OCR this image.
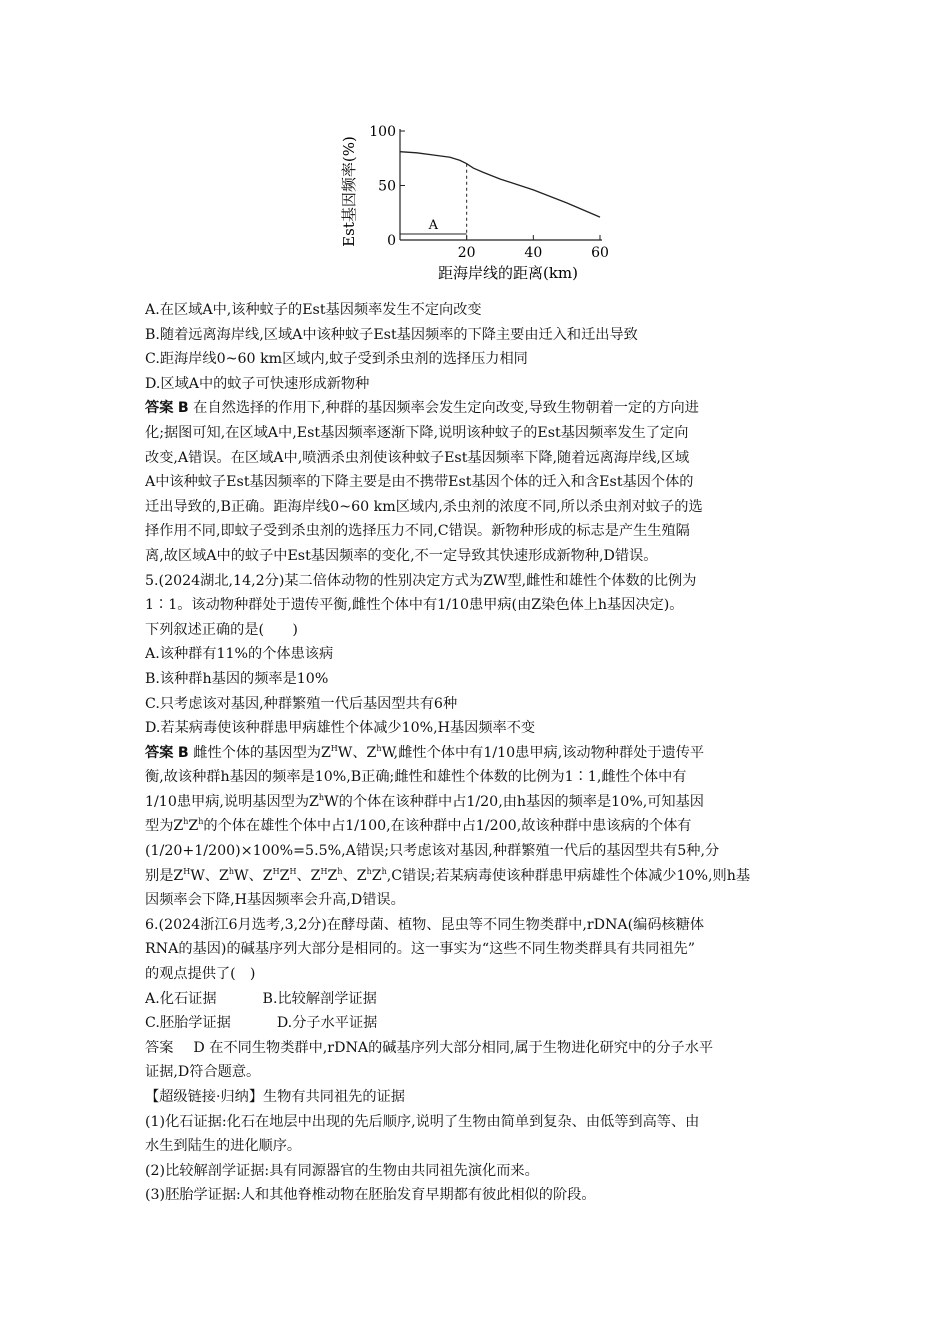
0
50
100
20	40	60
A
距海岸线的距离(km)
Est基因频率(%)
A.在区域A中,该种蚊子的Est基因频率发生不定向改变
B.随着远离海岸线,区域A中该种蚊子Est基因频率的下降主要由迁入和迁出导致
C.距海岸线0~60 km区域内,蚊子受到杀虫剂的选择压力相同
D.区域A中的蚊子可快速形成新物种
答案 B 在自然选择的作用下,种群的基因频率会发生定向改变,导致生物朝着一定的方向进
化;据图可知,在区域A中,Est基因频率逐渐下降,说明该种蚊子的Est基因频率发生了定向
改变,A错误。在区域A中,喷洒杀虫剂使该种蚊子Est基因频率下降,随着远离海岸线,区域
A中该种蚊子Est基因频率的下降主要是由不携带Est基因个体的迁入和含Est基因个体的
迁出导致的,B正确。距海岸线0~60 km区域内,杀虫剂的浓度不同,所以杀虫剂对蚊子的选
择作用不同,即蚊子受到杀虫剂的选择压力不同,C错误。新物种形成的标志是产生生殖隔
离,故区域A中的蚊子中Est基因频率的变化,不一定导致其快速形成新物种,D错误。
5.(2024湖北,14,2分)某二倍体动物的性别决定方式为ZW型,雌性和雄性个体数的比例为
1∶1。该动物种群处于遗传平衡,雌性个体中有1/10患甲病(由Z染色体上h基因决定)。
下列叙述正确的是(　　)
A.该种群有11%的个体患该病
B.该种群h基因的频率是10%
C.只考虑该对基因,种群繁殖一代后基因型共有6种
D.若某病毒使该种群患甲病雄性个体减少10%,H基因频率不变
答案 B 雌性个体的基因型为$Z^HW$、$Z^hW$,雌性个体中有1/10患甲病,该动物种群处于遗传平
衡,故该种群h基因的频率是10%,B正确;雌性和雄性个体数的比例为1∶1,雌性个体中有
1/10患甲病,说明基因型为$Z^hW$的个体在该种群中占1/20,由h基因的频率是10%,可知基因
型为$Z^hZ^h$的个体在雄性个体中占1/100,在该种群中占1/200,故该种群中患该病的个体有
(1/20+1/200)×100%=5.5%,A错误;只考虑该对基因,种群繁殖一代后的基因型共有5种,分
别是$Z^HW$、$Z^hW$、$Z^HZ^H$、$Z^HZ^h$、$Z^hZ^h,C$错误;若某病毒使该种群患甲病雄性个体减少10%,则h基
因频率会下降,H基因频率会升高,D错误。
6.(2024浙江6月选考,3,2分)在酵母菌、植物、昆虫等不同生物类群中,rDNA(编码核糖体
RNA的基因)的碱基序列大部分是相同的。这一事实为“这些不同生物类群具有共同祖先”
的观点提供了(　)
A.化石证据	B.比较解剖学证据
C.胚胎学证据	D.分子水平证据
答案 D 在不同生物类群中,rDNA的碱基序列大部分相同,属于生物进化研究中的分子水平
证据,D符合题意。
【超级链接·归纳】生物有共同祖先的证据
(1)化石证据:化石在地层中出现的先后顺序,说明了生物由简单到复杂、由低等到高等、由
水生到陆生的进化顺序。
(2)比较解剖学证据:具有同源器官的生物由共同祖先演化而来。
(3)胚胎学证据:人和其他脊椎动物在胚胎发育早期都有彼此相似的阶段。
